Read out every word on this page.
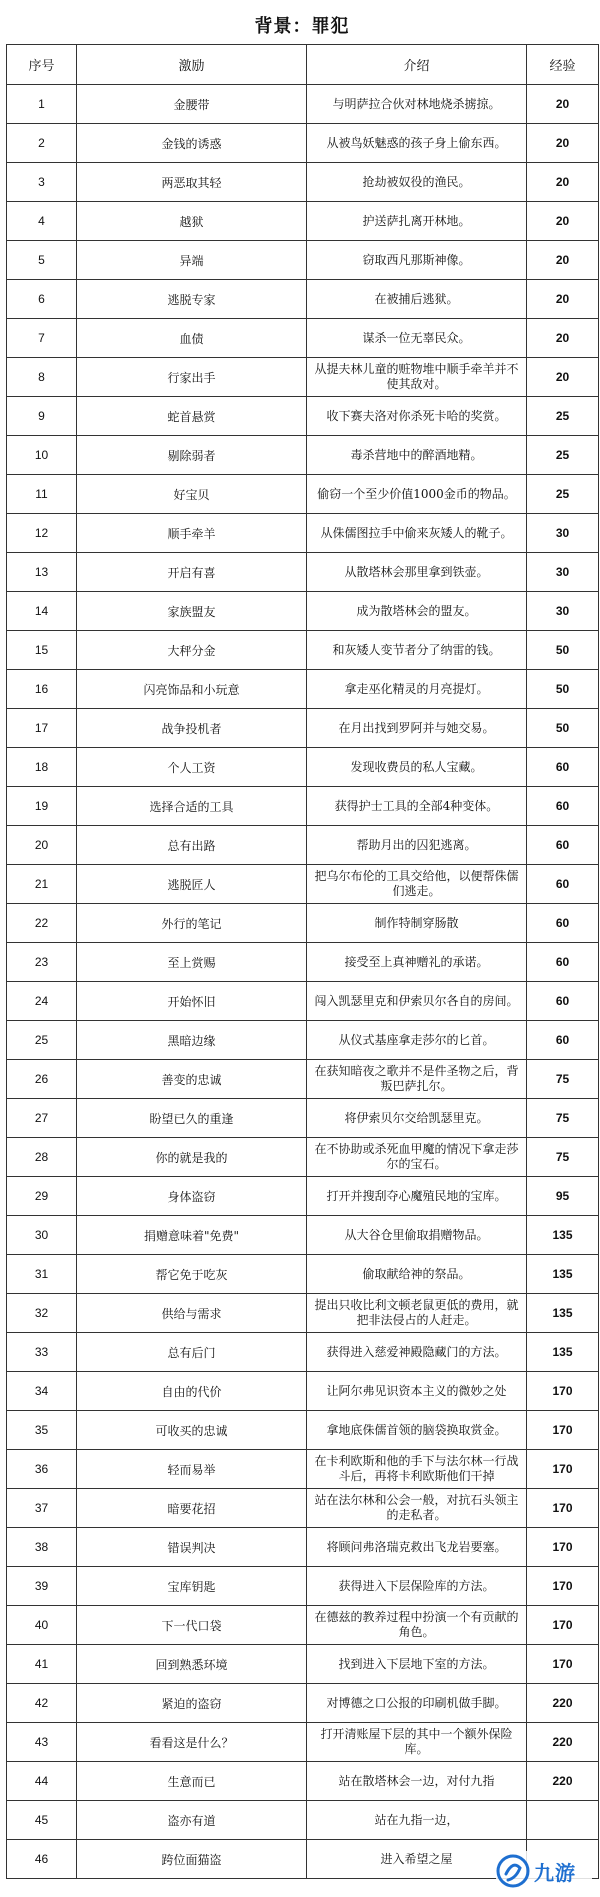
背景：罪犯
序号	激励	介绍	经验
1	金腰带	与明萨拉合伙对林地烧杀掳掠。	20
2	金钱的诱惑	从被鸟妖魅惑的孩子身上偷东西。	20
3	两恶取其轻	抢劫被奴役的渔民。	20
4	越狱	护送萨扎离开林地。	20
5	异端	窃取西凡那斯神像。	20
6	逃脱专家	在被捕后逃狱。	20
7	血债	谋杀一位无辜民众。	20
8	行家出手	从提夫林儿童的赃物堆中顺手牵羊并不使其敌对。	20
9	蛇首悬赏	收下赛夫洛对你杀死卡哈的奖赏。	25
10	剔除弱者	毒杀营地中的醉酒地精。	25
11	好宝贝	偷窃一个至少价值1000金币的物品。	25
12	顺手牵羊	从侏儒图拉手中偷来灰矮人的靴子。	30
13	开启有喜	从散塔林会那里拿到铁壶。	30
14	家族盟友	成为散塔林会的盟友。	30
15	大秤分金	和灰矮人变节者分了纳雷的钱。	50
16	闪亮饰品和小玩意	拿走巫化精灵的月亮提灯。	50
17	战争投机者	在月出找到罗阿并与她交易。	50
18	个人工资	发现收费员的私人宝藏。	60
19	选择合适的工具	获得护士工具的全部4种变体。	60
20	总有出路	帮助月出的囚犯逃离。	60
21	逃脱匠人	把乌尔布伦的工具交给他，以便帮侏儒们逃走。	60
22	外行的笔记	制作特制穿肠散	60
23	至上赏赐	接受至上真神赠礼的承诺。	60
24	开始怀旧	闯入凯瑟里克和伊索贝尔各自的房间。	60
25	黑暗边缘	从仪式基座拿走莎尔的匕首。	60
26	善变的忠诚	在获知暗夜之歌并不是件圣物之后，背叛巴萨扎尔。	75
27	盼望已久的重逢	将伊索贝尔交给凯瑟里克。	75
28	你的就是我的	在不协助或杀死血甲魔的情况下拿走莎尔的宝石。	75
29	身体盗窃	打开并搜刮夺心魔殖民地的宝库。	95
30	捐赠意味着"免费"	从大谷仓里偷取捐赠物品。	135
31	帮它免于吃灰	偷取献给神的祭品。	135
32	供给与需求	提出只收比利文顿老鼠更低的费用，就把非法侵占的人赶走。	135
33	总有后门	获得进入慈爱神殿隐藏门的方法。	135
34	自由的代价	让阿尔弗见识资本主义的微妙之处	170
35	可收买的忠诚	拿地底侏儒首领的脑袋换取赏金。	170
36	轻而易举	在卡利欧斯和他的手下与法尔林一行战斗后，再将卡利欧斯他们干掉	170
37	暗要花招	站在法尔林和公会一般，对抗石头领主的走私者。	170
38	错误判决	将顾问弗洛瑞克救出飞龙岩要塞。	170
39	宝库钥匙	获得进入下层保险库的方法。	170
40	下一代口袋	在德兹的教养过程中扮演一个有贡献的角色。	170
41	回到熟悉环境	找到进入下层地下室的方法。	170
42	紧迫的盗窃	对博德之口公报的印刷机做手脚。	220
43	看看这是什么？	打开清账屋下层的其中一个额外保险库。	220
44	生意而已	站在散塔林会一边，对付九指	220
45	盗亦有道	站在九指一边，	
46	跨位面猫盗	进入希望之屋	
九游
